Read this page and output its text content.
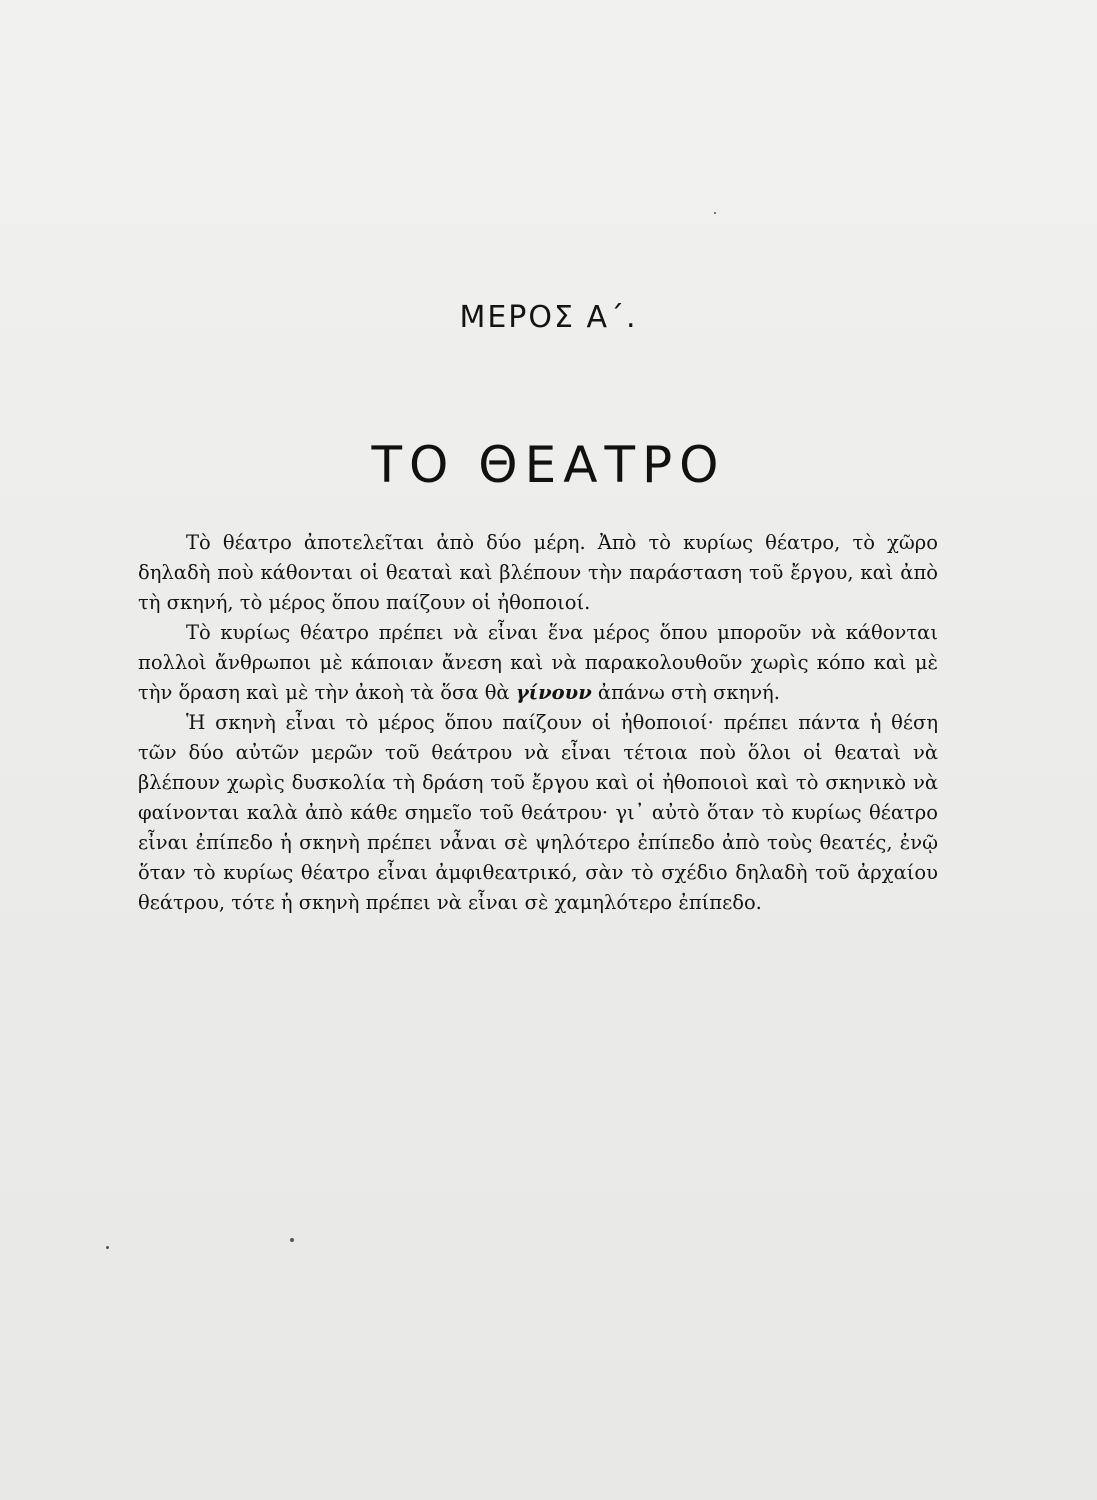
ΜΕΡΟΣ Α΄.
ΤΟ ΘΕΑΤΡΟ

Τὸ θέατρο ἀποτελεῖται ἀπὸ δύο μέρη. Ἀπὸ τὸ κυρίως θέατρο, τὸ χῶρο δηλαδὴ ποὺ κάθονται οἱ θεαταὶ καὶ βλέπουν τὴν παράσταση τοῦ ἔργου, καὶ ἀπὸ τὴ σκηνή, τὸ μέρος ὅπου παίζουν οἱ ἠθοποιοί.

Τὸ κυρίως θέατρο πρέπει νὰ εἶναι ἕνα μέρος ὅπου μποροῦν νὰ κάθονται πολλοὶ ἄνθρωποι μὲ κάποιαν ἄνεση καὶ νὰ παρακολουθοῦν χωρὶς κόπο καὶ μὲ τὴν ὅραση καὶ μὲ τὴν ἀκοὴ τὰ ὅσα θὰ γίνουν ἀπάνω στὴ σκηνή.

Ἡ σκηνὴ εἶναι τὸ μέρος ὅπου παίζουν οἱ ἠθοποιοί· πρέπει πάντα ἡ θέση τῶν δύο αὐτῶν μερῶν τοῦ θεάτρου νὰ εἶναι τέτοια ποὺ ὅλοι οἱ θεαταὶ νὰ βλέπουν χωρὶς δυσκολία τὴ δράση τοῦ ἔργου καὶ οἱ ἠθοποιοὶ καὶ τὸ σκηνικὸ νὰ φαίνονται καλὰ ἀπὸ κάθε σημεῖο τοῦ θεάτρου· γι᾿ αὐτὸ ὅταν τὸ κυρίως θέατρο εἶναι ἐπίπεδο ἡ σκηνὴ πρέπει νἆναι σὲ ψηλότερο ἐπίπεδο ἀπὸ τοὺς θεατές, ἐνῷ ὅταν τὸ κυρίως θέατρο εἶναι ἀμφιθεατρικό, σὰν τὸ σχέδιο δηλαδὴ τοῦ ἀρχαίου θεάτρου, τότε ἡ σκηνὴ πρέπει νὰ εἶναι σὲ χαμηλότερο ἐπίπεδο.
